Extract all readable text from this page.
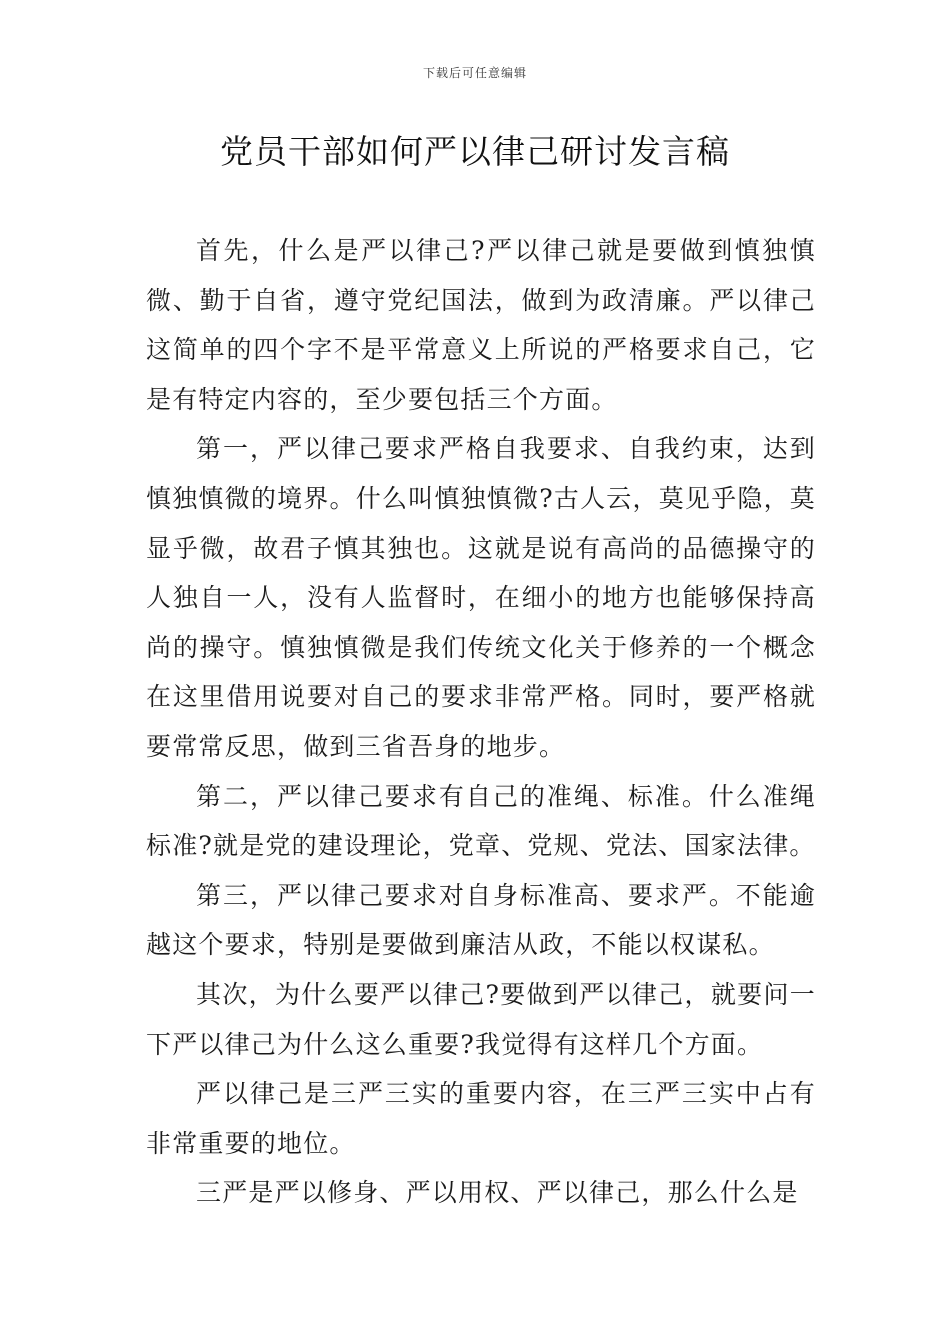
下载后可任意编辑
党员干部如何严以律己研讨发言稿

首先，什么是严以律己?严以律己就是要做到慎独慎微、勤于自省，遵守党纪国法，做到为政清廉。严以律己这简单的四个字不是平常意义上所说的严格要求自己，它是有特定内容的，至少要包括三个方面。

第一，严以律己要求严格自我要求、自我约束，达到慎独慎微的境界。什么叫慎独慎微?古人云，莫见乎隐，莫显乎微，故君子慎其独也。这就是说有高尚的品德操守的人独自一人，没有人监督时，在细小的地方也能够保持高尚的操守。慎独慎微是我们传统文化关于修养的一个概念在这里借用说要对自己的要求非常严格。同时，要严格就要常常反思，做到三省吾身的地步。

第二，严以律己要求有自己的准绳、标准。什么准绳标准?就是党的建设理论，党章、党规、党法、国家法律。

第三，严以律己要求对自身标准高、要求严。不能逾越这个要求，特别是要做到廉洁从政，不能以权谋私。

其次，为什么要严以律己?要做到严以律己，就要问一下严以律己为什么这么重要?我觉得有这样几个方面。

严以律己是三严三实的重要内容，在三严三实中占有非常重要的地位。

三严是严以修身、严以用权、严以律己，那么什么是
